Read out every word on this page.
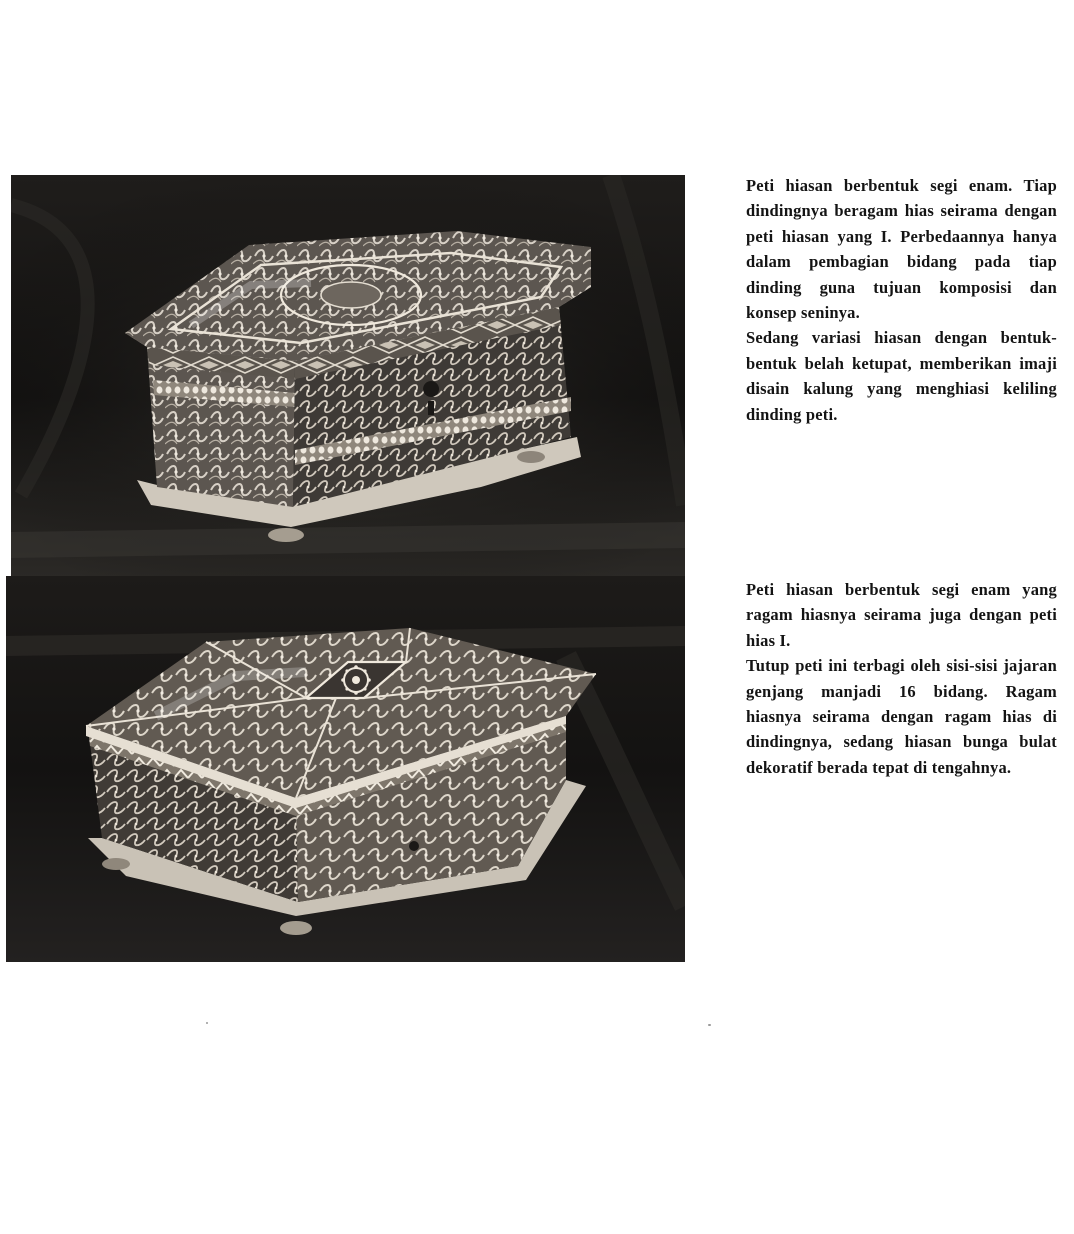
Peti hiasan berbentuk segi enam. Tiap dindingnya beragam hias seirama dengan peti hiasan yang I. Perbedaannya hanya dalam pembagian bidang pada tiap dinding guna tujuan komposisi dan konsep seninya.

Sedang variasi hiasan dengan bentuk-bentuk belah ketupat, memberikan imaji disain kalung yang menghiasi keliling dinding peti.

Peti hiasan berbentuk segi enam yang ragam hiasnya seirama juga dengan peti hias I.

Tutup peti ini terbagi oleh sisi-sisi jajaran genjang manjadi 16 bidang. Ragam hiasnya seirama dengan ragam hias di dindingnya, sedang hiasan bunga bulat dekoratif berada tepat di tengahnya.
